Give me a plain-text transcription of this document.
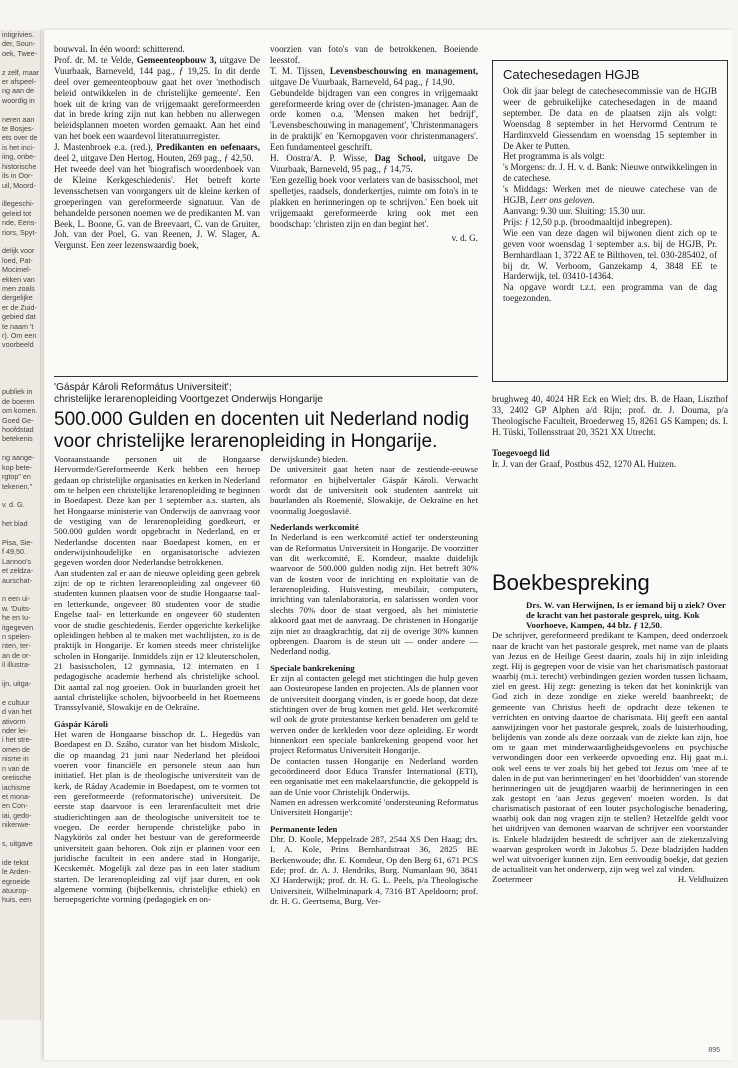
intigrivies.
der, Soun-
oek, Twee-

z zelf, maar
er afspeel-
ng aan de
woordig in

neren aan
te Bosjes-
ets over de
is het inci-
iing, onbe-
historische
ils in Oor-
uil, Moord-

illegeschi-
geleid tot
nde, Eens-
riors, Spyt-

delijk voor
loed, Pat-
Mocimel-
ekken van
men zoals
dergelijke
er de Zuid-
gebied dat
te naam 't
r). Om een
voorbeeld

publiek in
de boeren
om komen.
Goed Ge-
hoofdstad
betekenis

ng aange-
kop bete-
rgtop" en
tekenen."

v. d. G.

het blad

Pisa, Sie-
f 49,50.
Lannoo's
et zeldza-
aurschat-

n een ui-
w. 'Duits-
he en Iu-
itgegeven
n spelen-
nten, ter-
an de or-
il illustra-

ijn, uitga-

e cultuur
d van het
ativorm
nder lei-
i het stre-
omen de
nisme in
n van de
oretische
iachisme
et mona-
en Con-
iai, gedo-
nikenwe-

s, uitgave

ide tekst
le Arden-
egroeide
atuurop-
huis, een

bouwval. In één woord: schitterend.

Prof. dr. M. te Velde, Gemeenteopbouw 3, uitgave De Vuurbaak, Barneveld, 144 pag., ƒ 19,25. In dit derde deel over gemeenteopbouw gaat het over 'methodisch beleid ontwikkelen in de christelijke gemeente'. Een boek uit de kring van de vrijgemaakt gereformeerden dat in brede kring zijn nut kan hebben nu allerwegen beleidsplannen moeten worden gemaakt. Aan het eind van het boek een waardevol literatuurregister.

J. Mastenbroek e.a. (red.), Predikanten en oefenaars, deel 2, uitgave Den Hertog, Houten, 269 pag., ƒ 42,50.

Het tweede deel van het 'biografisch woordenboek van de Kleine Kerkgeschiedenis'. Het betreft korte levensschetsen van voorgangers uit de kleine kerken of groeperingen van gereformeerde signatuur. Van de behandelde personen noemen we de predikanten M. van Beek, L. Boone, G. van de Breevaart, C. van de Gruiter, Joh. van der Poel, G. van Reenen, J. W. Slager, A. Vergunst. Een zeer lezenswaardig boek,

voorzien van foto's van de betrokkenen. Boeiende leesstof.

T. M. Tijssen, Levensbeschouwing en management, uitgave De Vuurbaak, Barneveld, 64 pag., ƒ 14,90.

Gebundelde bijdragen van een congres in vrijgemaakt gereformeerde kring over de (christen-)manager. Aan de orde komen o.a. 'Mensen maken het bedrijf', 'Levensbeschouwing in management', 'Christenmanagers in de praktijk' en 'Kernopgaven voor christenmanagers'. Een fundamenteel geschrift.

H. Oostra/A. P. Wisse, Dag School, uitgave De Vuurbaak, Barneveld, 95 pag., ƒ 14,75.

'Een gezellig boek voor verlaters van de basisschool, met spelletjes, raadsels, donderkertjes, ruimte om foto's in te plakken en herinneringen op te schrijven.' Een boek uit vrijgemaakt gereformeerde kring ook met een boodschap: 'christen zijn en dan begint het'.

v. d. G.

Catechesedagen HGJB

Ook dit jaar belegt de catechesecommissie van de HGJB weer de gebruikelijke catechesedagen in de maand september. De data en de plaatsen zijn als volgt: Woensdag 8 september in het Hervormd Centrum te Hardinxveld Giessendam en woensdag 15 september in De Aker te Putten.

Het programma is als volgt:

's Morgens: dr. J. H. v. d. Bank: Nieuwe ontwikkelingen in de catechese.

's Middags: Werken met de nieuwe catechese van de HGJB, Leer ons geloven.

Aanvang: 9.30 uur. Sluiting: 15.30 uur.

Prijs: ƒ 12,50 p.p. (broodmaaltijd inbegrepen).

Wie een van deze dagen wil bijwonen dient zich op te geven voor woensdag 1 september a.s. bij de HGJB, Pr. Bernhardlaan 1, 3722 AE te Bilthoven, tel. 030-285402, of bij dr. W. Verboom, Ganzekamp 4, 3848 EE te Harderwijk, tel. 03410-14364.

Na opgave wordt t.z.t. een programma van de dag toegezonden.

'Gáspár Károli Református Universiteit';
christelijke lerarenopleiding Voortgezet Onderwijs Hongarije
500.000 Gulden en docenten uit Nederland nodig voor christelijke lerarenopleiding in Hongarije.

Vooraanstaande personen uit de Hongaarse Hervormde/Gereformeerde Kerk hebben een beroep gedaan op christelijke organisaties en kerken in Nederland om te helpen een christelijke lerarenopleiding te beginnen in Boedapest. Deze kan per 1 september a.s. starten, als het Hongaarse ministerie van Onderwijs de aanvraag voor de vestiging van de lerarenopleiding goedkeurt, er 500.000 gulden wordt opgebracht in Nederland, en er Nederlandse docenten naar Boedapest komen, en er onderwijsinhoudelijke en organisatorische adviezen gegeven worden door Nederlandse betrokkenen.

Aan studenten zal er aan de nieuwe opleiding geen gebrek zijn: de op te richten lerarenopleiding zal ongeveer 60 studenten kunnen plaatsen voor de studie Hongaarse taal- en letterkunde, ongeveer 80 studenten voor de studie Engelse taal- en letterkunde en ongeveer 60 studenten voor de studie geschiedenis. Eerder opgerichte kerkelijke opleidingen hebben al te maken met wachtlijsten, zo is de praktijk in Hongarije. Er komen steeds meer christelijke scholen in Hongarije. Inmiddels zijn er 12 kleuterscholen, 21 basisscholen, 12 gymnasia, 12 internaten en 1 pedagogische academie herbend als christelijke school. Dit aantal zal nog groeien. Ook in buurlanden groeit het aantal christelijke scholen, bijvoorbeeld in het Roemeens Transsylvanië, Slowakije en de Oekraïne.

Gáspár Károli

Het waren de Hongaarse bisschop dr. L. Hegedüs van Boedapest en D. Szábo, curator van het bisdom Miskolc, die op maandag 21 juni naar Nederland het pleidooi voeren voor financiële en personele steun aan hun initiatief. Het plan is de theologische universiteit van de kerk, de Ráday Academie in Boedapest, om te vormen tot een gereformeerde (reformatorische) universiteit. De eerste stap daarvoor is een lerarenfaculteit met drie studierichtingen aan de theologische universiteit toe te voegen. De eerder heropende christelijke pabo in Nagykörös zal onder het bestuur van de gereformeerde universiteit gaan behoren. Ook zijn er plannen voor een juridische faculteit in een andere stad in Hongarije, Kecskemét. Mogelijk zal deze pas in een later stadium starten. De lerarenopleiding zal vijf jaar duren, en ook algemene vorming (bijbelkennis, christelijke ethiek) en beroepsgerichte vorming (pedagogiek en on-

derwijskunde) bieden.

De universiteit gaat heten naar de zestiende-eeuwse reformator en bijbelvertaler Gáspár Károli. Verwacht wordt dat de universiteit ook studenten aantrekt uit buurlanden als Roemenië, Slowakije, de Oekraïne en het voormalig Joegoslavië.

Nederlands werkcomité

In Nederland is een werkcomité actief ter ondersteuning van de Reformatus Universiteit in Hongarije. De voorzitter van dit werkcomité, E. Komdeur, maakte duidelijk waarvoor de 500.000 gulden nodig zijn. Het betreft 30% van de kosten voor de inrichting en exploitatie van de lerarenopleiding. Huisvesting, meubilair, computers, inrichting van talenlaboratoria, en salarissen worden voor slechts 70% door de staat vergoed, als het ministerie akkoord gaat met de aanvraag. De christenen in Hongarije zijn niet zo draagkrachtig, dat zij de overige 30% kunnen opbrengen. Daarom is de steun uit — onder andere — Nederland nodig.

Speciale bankrekening

Er zijn al contacten gelegd met stichtingen die hulp geven aan Oosteuropese landen en projecten. Als de plannen voor de universiteit doorgang vinden, is er goede hoop, dat deze stichtingen over de brug komen met geld. Het werkcomité wil ook de grote protestantse kerken benaderen om geld te werven onder de kerkleden voor deze opleiding. Er wordt binnenkort een speciale bankrekening geopend voor het project Reformatus Universiteit Hongarije.

De contacten tussen Hongarije en Nederland worden gecoördineerd door Educa Transfer International (ETI), een organisatie met een makelaarsfunctie, die gekoppeld is aan de Unie voor Christelijk Onderwijs.

Namen en adressen werkcomité 'ondersteuning Reformatus Universiteit Hongarije':

Permanente leden

Dhr. D. Koole, Meppelrade 287, 2544 XS Den Haag; drs. I. A. Kole, Prins Bernhardstraat 36, 2825 BE Berkenwoude; dhr. E. Komdeur, Op den Berg 61, 671 PCS Ede; prof. dr. A. J. Hendriks, Burg. Numanlaan 90, 3841 XJ Harderwijk; prof. dr. H. G. L. Peels, p/a Theologische Universiteit, Wilhelminapark 4, 7316 BT Apeldoorn; prof. dr. H. G. Geertsema, Burg. Ver-

brughweg 40, 4024 HR Eck en Wiel; drs. B. de Haan, Liszthof 33, 2402 GP Alphen a/d Rijn; prof. dr. J. Douma, p/a Theologische Faculteit, Broederweg 15, 8261 GS Kampen; ds. I. H. Tüski, Tollensstraat 20, 3521 XX Utrecht.

Toegevoegd lid

Ir. J. van der Graaf, Postbus 452, 1270 AL Huizen.

Boekbespreking

Drs. W. van Herwijnen, Is er iemand bij u ziek? Over de kracht van het pastorale gesprek, uitg. Kok Voorhoeve, Kampen, 44 blz. ƒ 12,50.

De schrijver, gereformeerd predikant te Kampen, deed onderzoek naar de kracht van het pastorale gesprek, met name van de plaats van Jezus en de Heilige Geest daarin, zoals hij in zijn inleiding zegt. Hij is gegrepen voor de visie van het charismatisch pastoraat waarbij (m.i. terecht) verbindingen gezien worden tussen lichaam, ziel en geest. Hij zegt: genezing is teken dat het koninkrijk van God zich in deze zondige en zieke wereld baanbreekt; de gemeente van Christus heeft de opdracht deze tekenen te verrichten en ontving daartoe de charismata. Hij geeft een aantal aanwijzingen voor het pastorale gesprek, zoals de luisterhouding, belijdenis van zonde als deze oorzaak van de ziekte kan zijn, hoe om te gaan met minderwaardigheidsgevoelens en psychische verwondingen door een verkeerde opvoeding enz. Hij gaat m.i. ook wel eens te ver zoals bij het gebed tot Jezus om 'mee af te dalen in de put van herinneringen' en het 'doorbidden' van storende herinneringen uit de jeugdjaren waarbij de herinneringen in een zak gestopt en 'aan Jezus gegeven' moeten worden. Is dat charismatisch pastoraat of een louter psychologische benadering, waarbij ook dan nog vragen zijn te stellen? Hetzelfde geldt voor het uitdrijven van demonen waarvan de schrijver een voorstander is. Enkele bladzijden besteedt de schrijver aan de ziekenzalving waarvan gesproken wordt in Jakobus 5. Deze bladzijden hadden wel wat uitvoeriger kunnen zijn. Een eenvoudig boekje, dat gezien de actualiteit van het onderwerp, zijn weg wel zal vinden.

Zoetermeer	H. Veldhuizen
895
